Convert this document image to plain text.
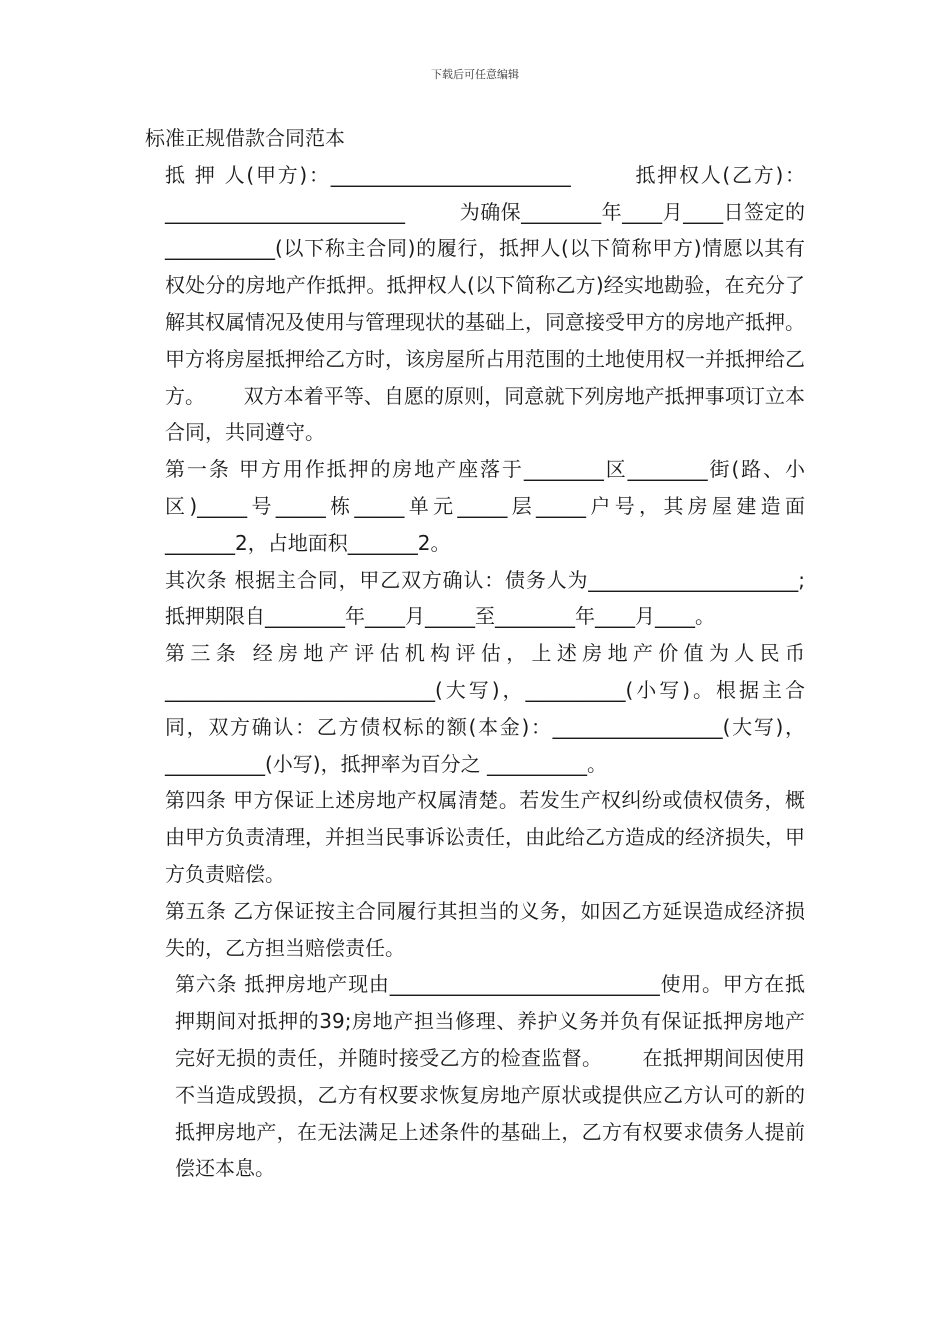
下载后可任意编辑
标准正规借款合同范本

抵 押 人(甲方)：________________________        抵押权人(乙方)：________________________        为确保________年____月____日签定的___________(以下称主合同)的履行，抵押人(以下简称甲方)情愿以其有权处分的房地产作抵押。抵押权人(以下简称乙方)经实地勘验，在充分了解其权属情况及使用与管理现状的基础上，同意接受甲方的房地产抵押。      甲方将房屋抵押给乙方时，该房屋所占用范围的土地使用权一并抵押给乙方。      双方本着平等、自愿的原则，同意就下列房地产抵押事项订立本合同，共同遵守。

第一条 甲方用作抵押的房地产座落于________区________街(路、小区)_____号_____栋_____单元_____层_____户号，其房屋建造面_______2，占地面积_______2。

其次条 根据主合同，甲乙双方确认：债务人为_____________________;抵押期限自________年____月_____至________年____月____。

第三条 经房地产评估机构评估，上述房地产价值为人民币___________________________(大写)，__________(小写)。根据主合同，双方确认：乙方债权标的额(本金)：_________________(大写)，__________(小写)，抵押率为百分之 __________。

第四条 甲方保证上述房地产权属清楚。若发生产权纠纷或债权债务，概由甲方负责清理，并担当民事诉讼责任，由此给乙方造成的经济损失，甲方负责赔偿。

第五条 乙方保证按主合同履行其担当的义务，如因乙方延误造成经济损失的，乙方担当赔偿责任。

第六条 抵押房地产现由___________________________使用。甲方在抵押期间对抵押的39;房地产担当修理、养护义务并负有保证抵押房地产完好无损的责任，并随时接受乙方的检查监督。      在抵押期间因使用不当造成毁损，乙方有权要求恢复房地产原状或提供应乙方认可的新的抵押房地产，在无法满足上述条件的基础上，乙方有权要求债务人提前偿还本息。
